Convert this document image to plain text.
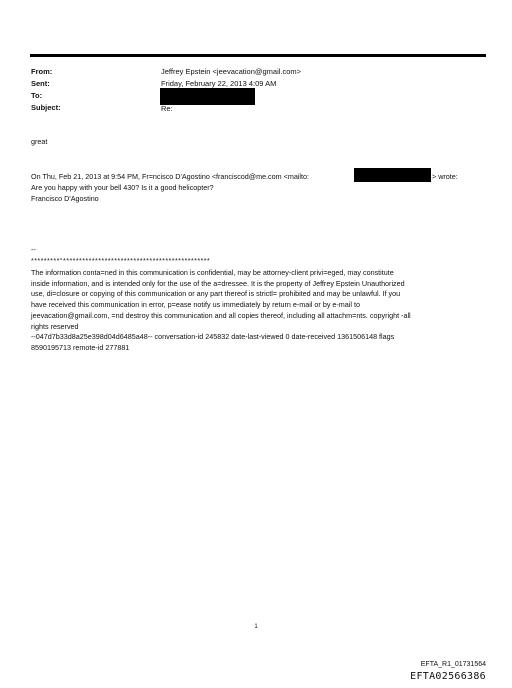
From:	Jeffrey Epstein <jeevacation@gmail.com>
Sent:	Friday, February 22, 2013 4:09 AM
To:
Subject:	Re:
great
On Thu, Feb 21, 2013 at 9:54 PM, Fr=ncisco D'Agostino <franciscod@me.com <mailto:	> wrote:
Are you happy with your bell 430? Is it a good helicopter?
Francisco D'Agostino
--
*********°**********************************************
The information conta=ned in this communication is confidential, may be attorney-client privi=eged, may constitute
inside information, and is intended only for the use of the a=dressee. It is the property of Jeffrey Epstein Unauthorized
use, di=closure or copying of this communication or any part thereof is strictl= prohibited and may be unlawful. If you
have received this communication in error, p=ease notify us immediately by return e-mail or by e-mail to
jeevacation@gmail.com, =nd destroy this communication and all copies thereof, including all attachm=nts. copyright -all
rights reserved
--047d7b33d8a25e398d04d6485a48-- conversation-id 245832 date-last-viewed 0 date-received 1361506148 flags
8590195713 remote-id 277881
1
EFTA_R1_01731564
EFTA02566386
